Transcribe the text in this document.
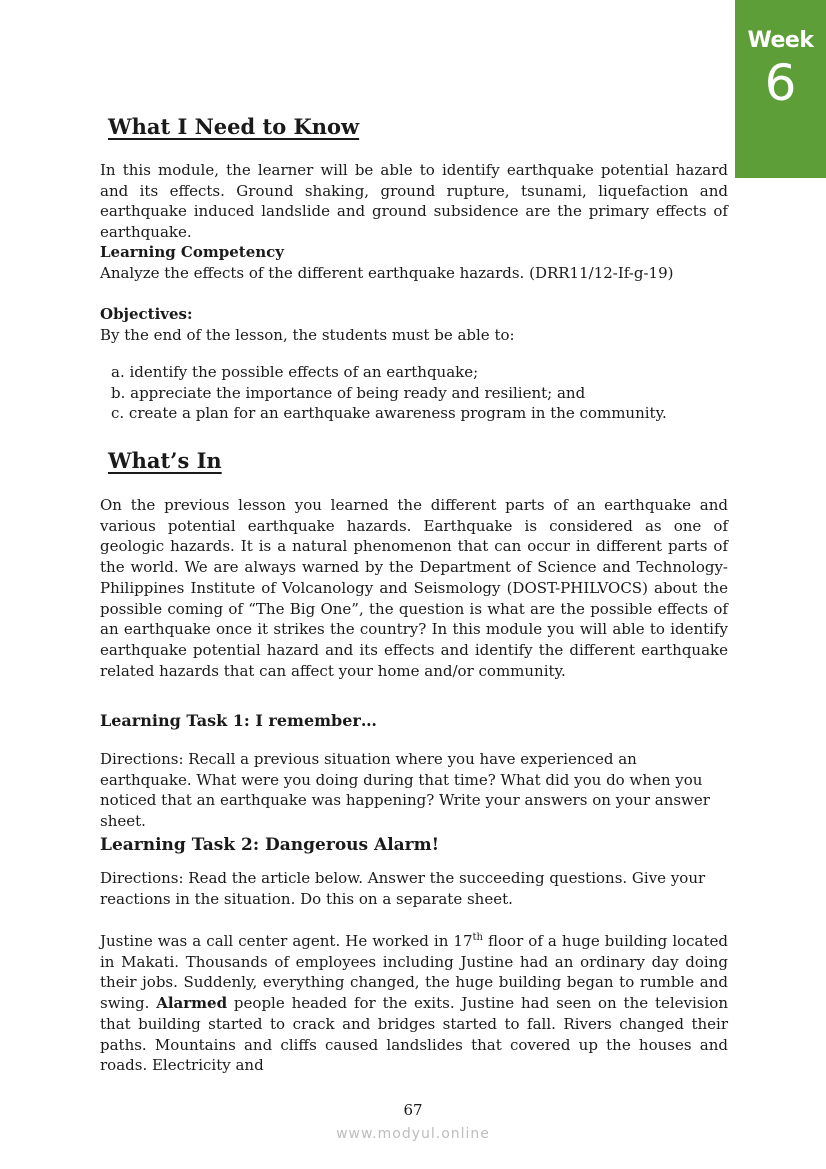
Week
6
What I Need to Know

In this module, the learner will be able to identify earthquake potential hazard and its effects. Ground shaking, ground rupture, tsunami, liquefaction and earthquake induced landslide and ground subsidence are the primary effects of earthquake.

Learning Competency

Analyze the effects of the different earthquake hazards. (DRR11/12-If-g-19)

Objectives:

By the end of the lesson, the students must be able to:

a. identify the possible effects of an earthquake;
b. appreciate the importance of being ready and resilient; and
c. create a plan for an earthquake awareness program in the community.
What’s In

On the previous lesson you learned the different parts of an earthquake and various potential earthquake hazards. Earthquake is considered as one of geologic hazards. It is a natural phenomenon that can occur in different parts of the world. We are always warned by the Department of Science and Technology- Philippines Institute of Volcanology and Seismology (DOST-PHILVOCS) about the possible coming of “The Big One”, the question is what are the possible effects of an earthquake once it strikes the country? In this module you will able to identify earthquake potential hazard and its effects and identify the different earthquake related hazards that can affect your home and/or community.

Learning Task 1: I remember…

Directions: Recall a previous situation where you have experienced an earthquake. What were you doing during that time? What did you do when you noticed that an earthquake was happening? Write your answers on your answer sheet.

Learning Task 2: Dangerous Alarm!

Directions: Read the article below. Answer the succeeding questions. Give your reactions in the situation. Do this on a separate sheet.

Justine was a call center agent. He worked in 17th floor of a huge building located in Makati. Thousands of employees including Justine had an ordinary day doing their jobs. Suddenly, everything changed, the huge building began to rumble and swing. Alarmed people headed for the exits. Justine had seen on the television that building started to crack and bridges started to fall. Rivers changed their paths. Mountains and cliffs caused landslides that covered up the houses and roads. Electricity and

67
www.modyul.online
